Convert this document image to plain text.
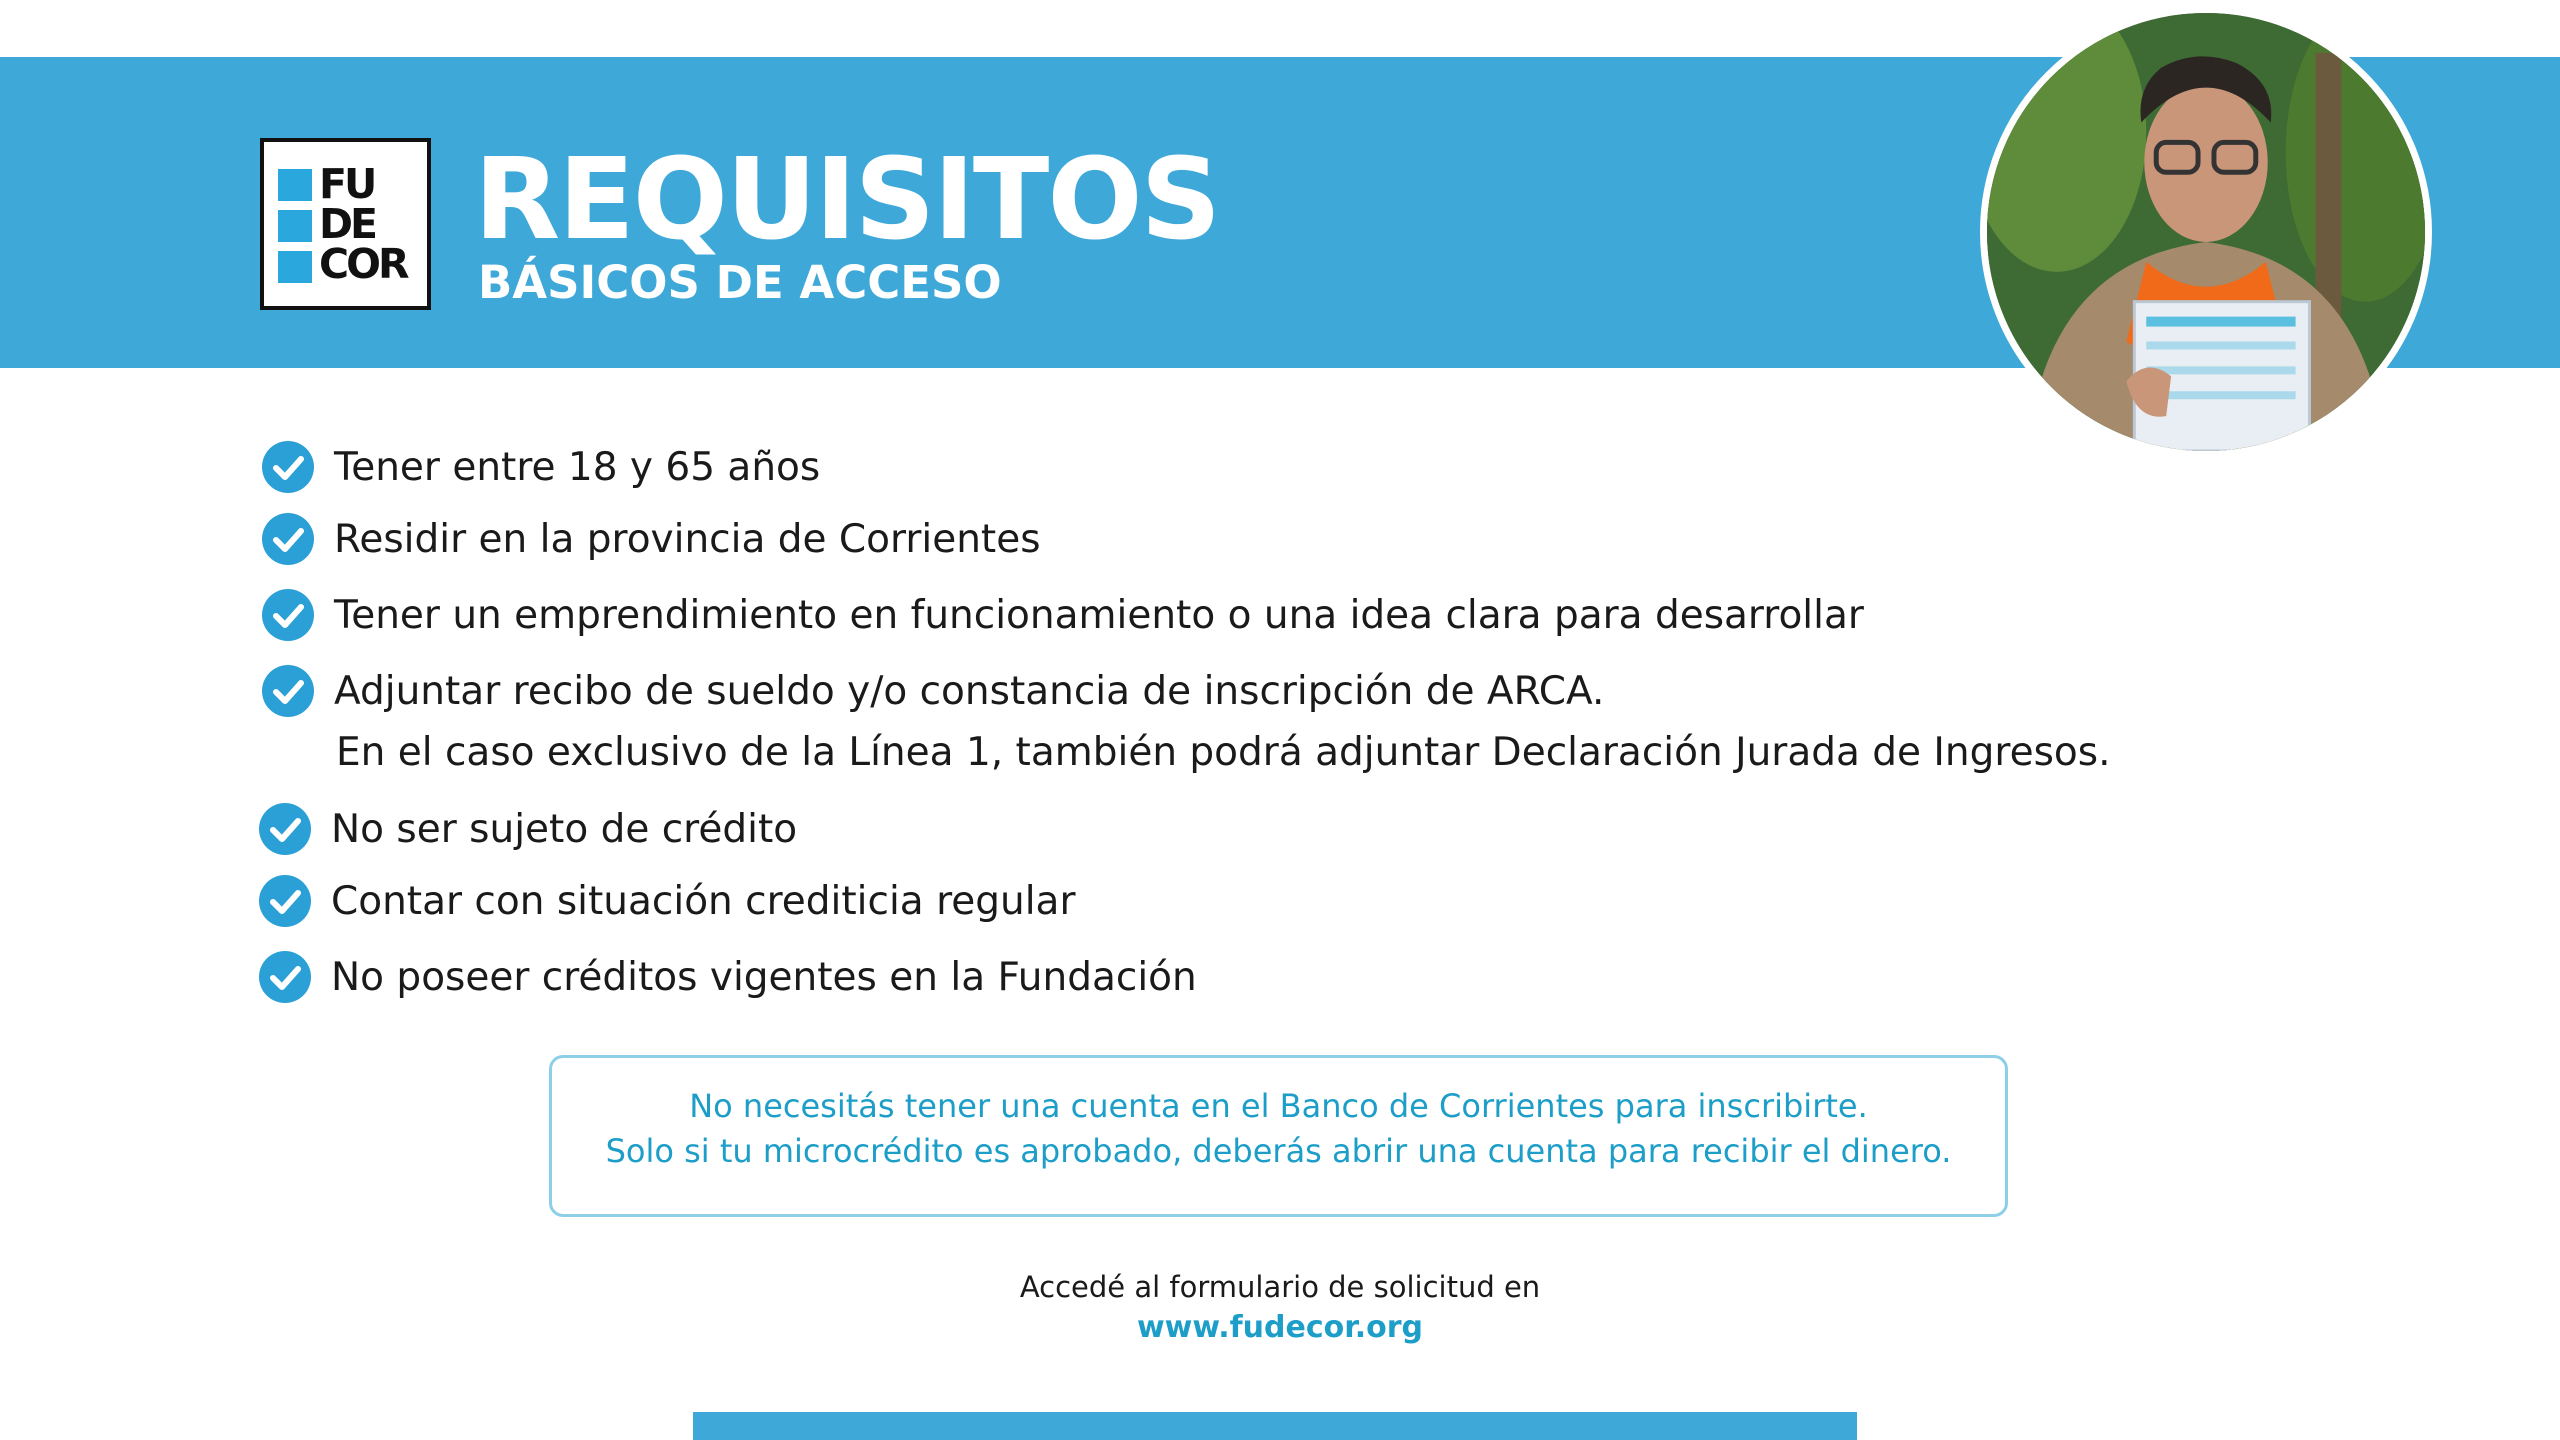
FU
DE
COR REQUISITOS
BÁSICOS DE ACCESO
Tener entre 18 y 65 años
Residir en la provincia de Corrientes
Tener un emprendimiento en funcionamiento o una idea clara para desarrollar
Adjuntar recibo de sueldo y/o constancia de inscripción de ARCA.
En el caso exclusivo de la Línea 1, también podrá adjuntar Declaración Jurada de Ingresos.
No ser sujeto de crédito
Contar con situación crediticia regular
No poseer créditos vigentes en la Fundación
No necesitás tener una cuenta en el Banco de Corrientes para inscribirte.
Solo si tu microcrédito es aprobado, deberás abrir una cuenta para recibir el dinero.
Accedé al formulario de solicitud en
www.fudecor.org
